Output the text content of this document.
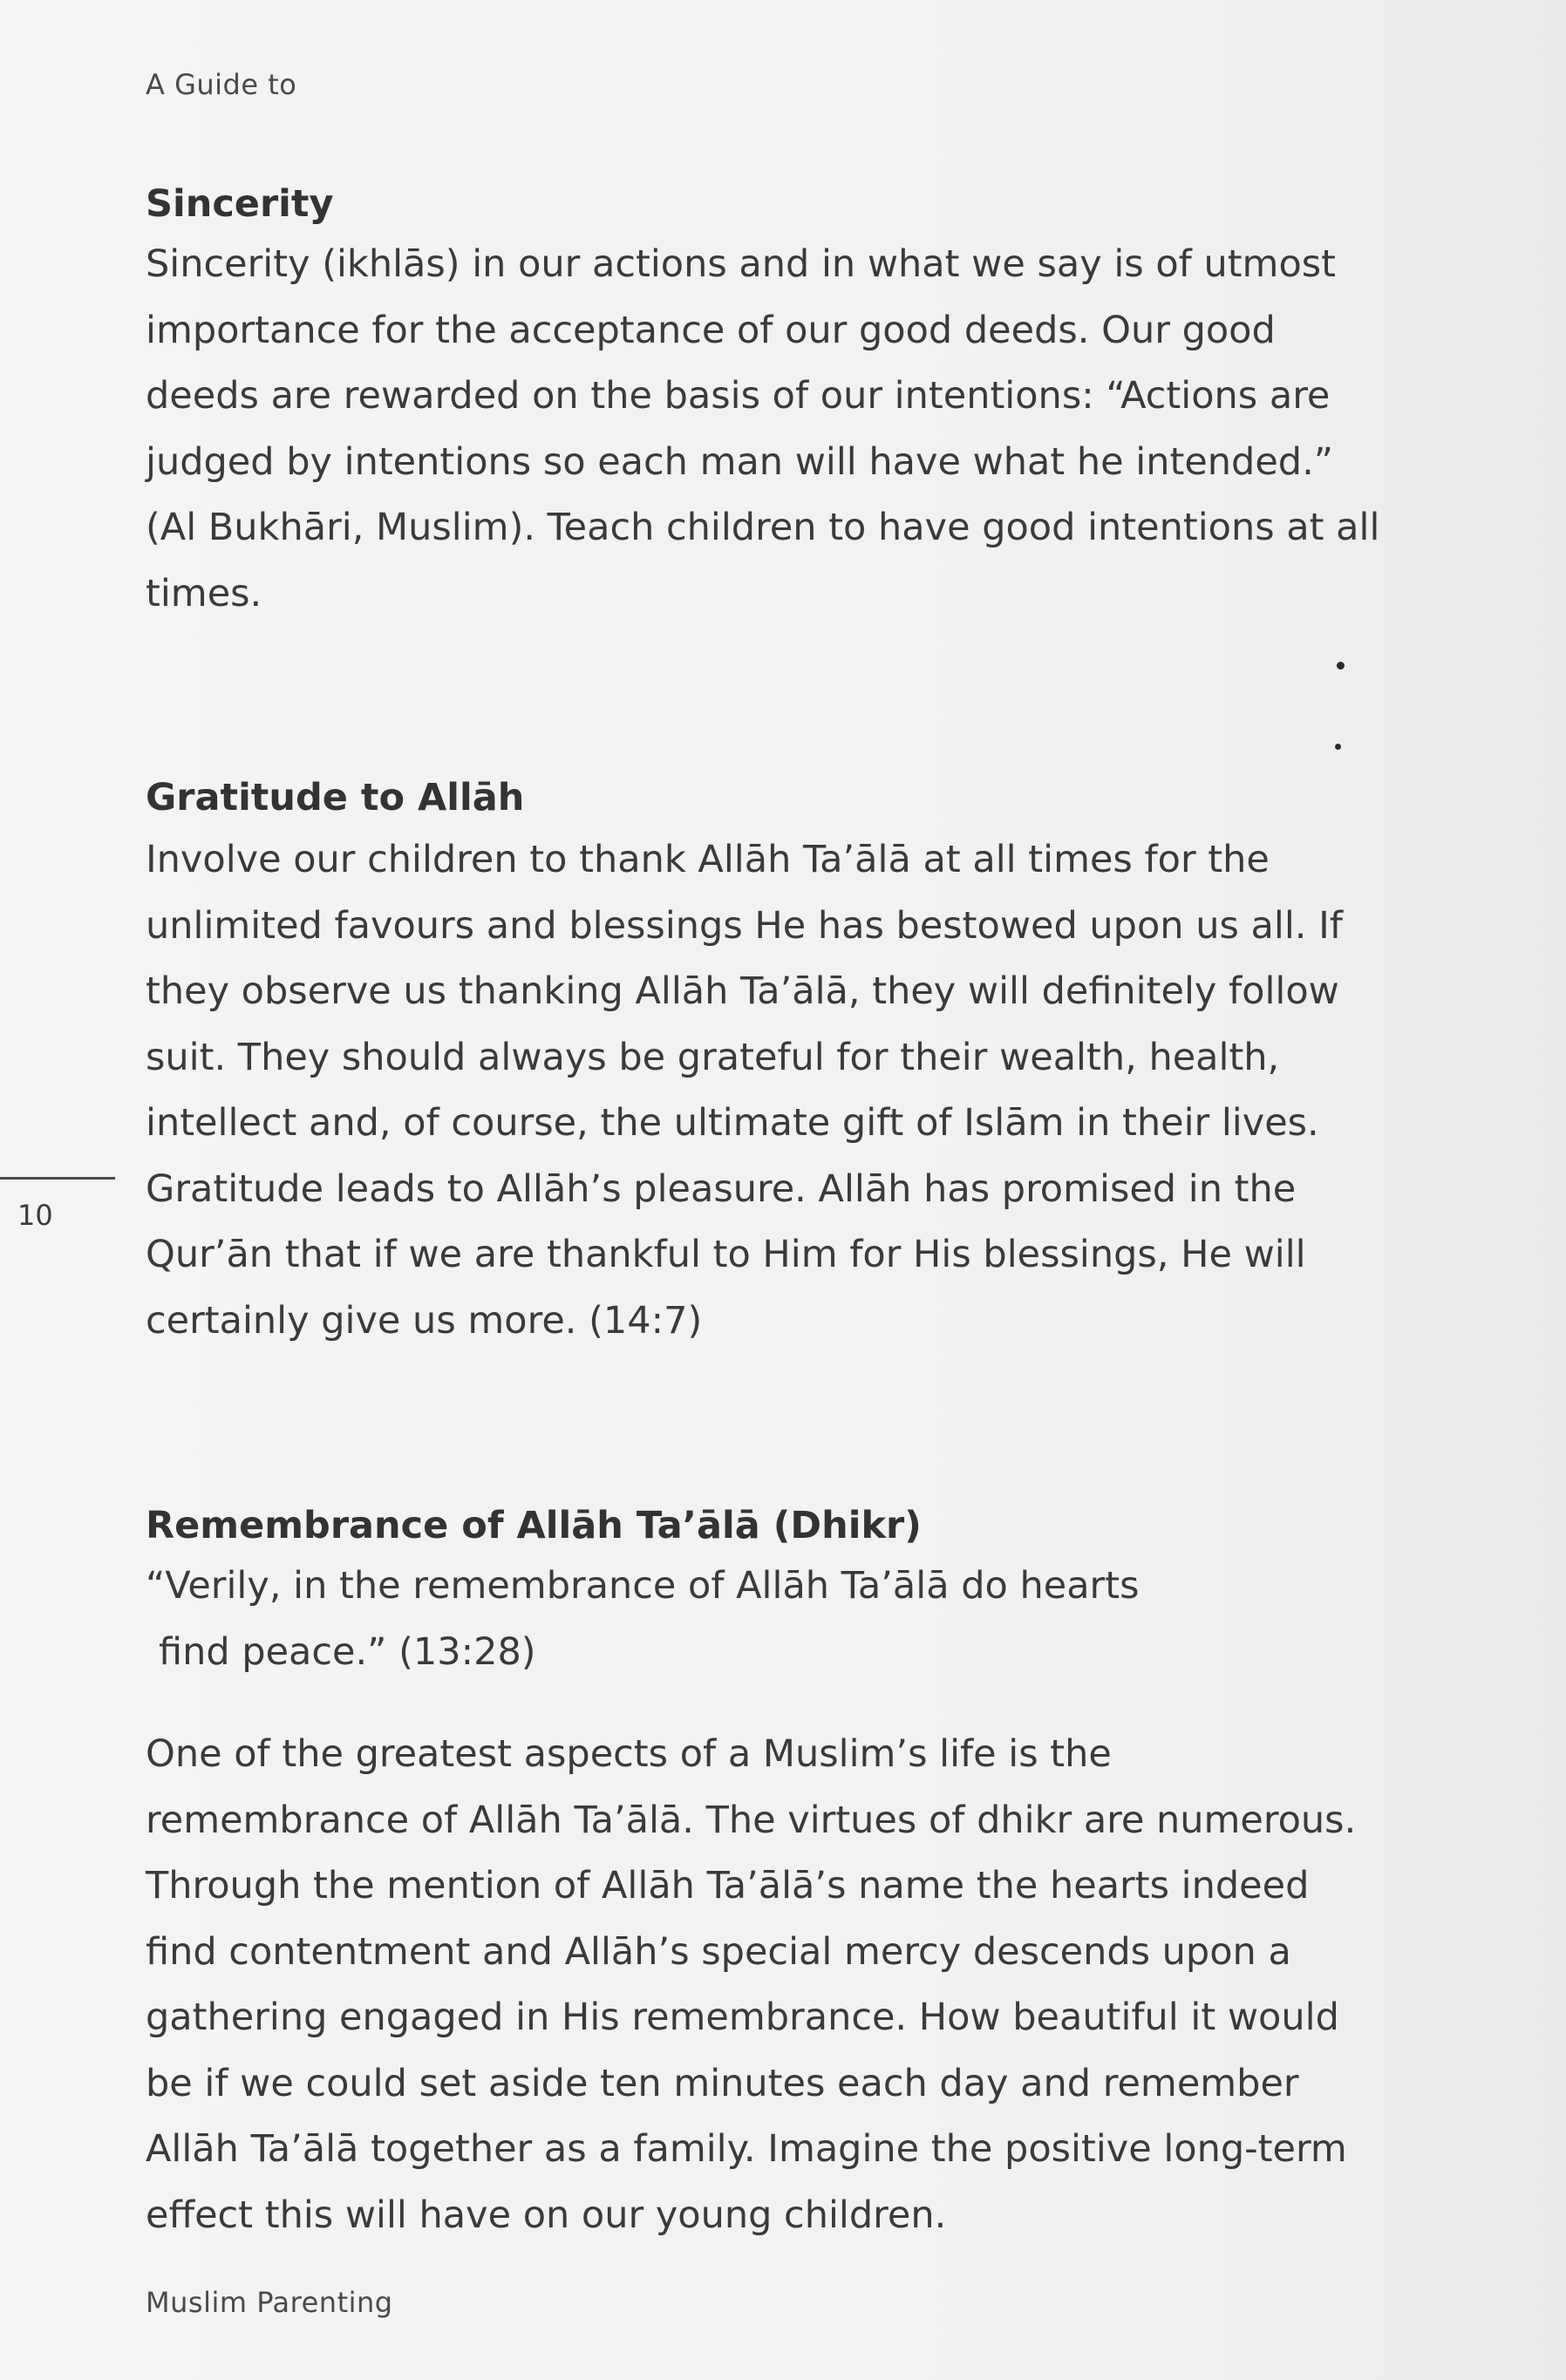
A Guide to
Sincerity

Sincerity (ikhlās) in our actions and in what we say is of utmost

importance for the acceptance of our good deeds. Our good

deeds are rewarded on the basis of our intentions: “Actions are

judged by intentions so each man will have what he intended.”

(Al Bukhāri, Muslim). Teach children to have good intentions at all

times.

Gratitude to Allāh

Involve our children to thank Allāh Ta’ālā at all times for the

unlimited favours and blessings He has bestowed upon us all. If

they observe us thanking Allāh Ta’ālā, they will definitely follow

suit. They should always be grateful for their wealth, health,

intellect and, of course, the ultimate gift of Islām in their lives.

Gratitude leads to Allāh’s pleasure. Allāh has promised in the

Qur’ān that if we are thankful to Him for His blessings, He will

certainly give us more. (14:7)

10
Remembrance of Allāh Ta’ālā (Dhikr)

“Verily, in the remembrance of Allāh Ta’ālā do hearts

find peace.” (13:28)

One of the greatest aspects of a Muslim’s life is the

remembrance of Allāh Ta’ālā. The virtues of dhikr are numerous.

Through the mention of Allāh Ta’ālā’s name the hearts indeed

find contentment and Allāh’s special mercy descends upon a

gathering engaged in His remembrance. How beautiful it would

be if we could set aside ten minutes each day and remember

Allāh Ta’ālā together as a family. Imagine the positive long-term

effect this will have on our young children.

Muslim Parenting
